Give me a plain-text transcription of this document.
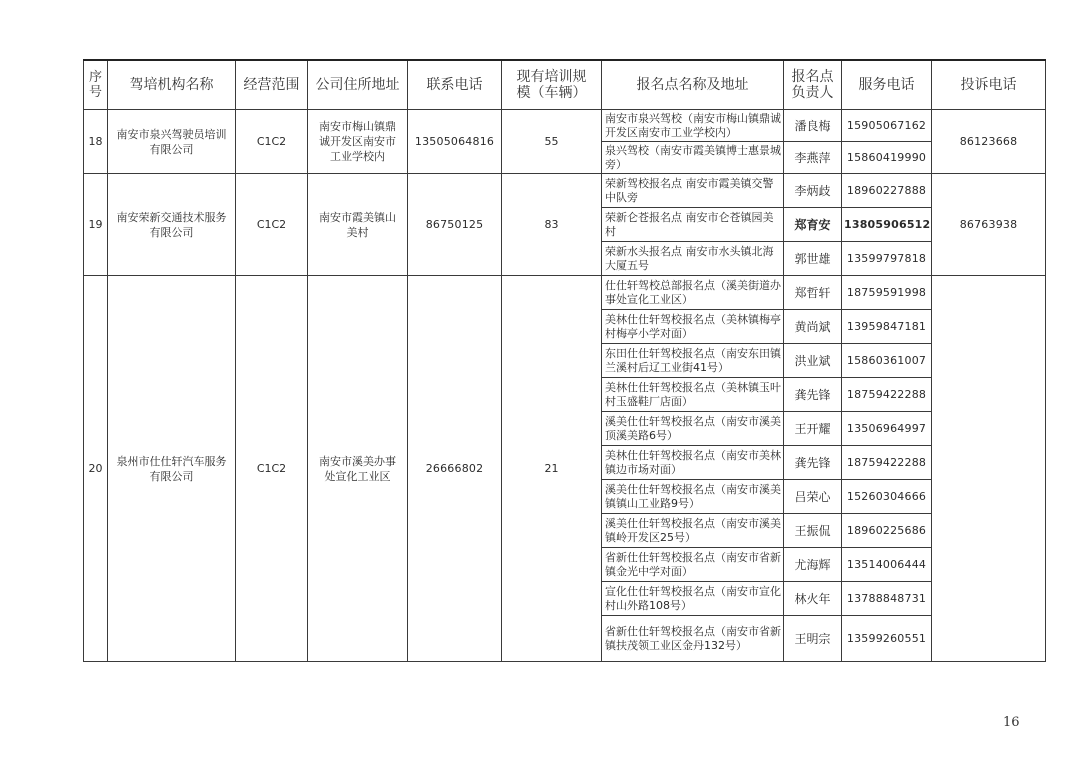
序号	驾培机构名称	经营范围	公司住所地址	联系电话	现有培训规模（车辆）	报名点名称及地址	报名点负责人	服务电话	投诉电话
18	南安市泉兴驾驶员培训有限公司	C1C2	南安市梅山镇鼎诚开发区南安市工业学校内	13505064816	55	南安市泉兴驾校（南安市梅山镇鼎诚开发区南安市工业学校内）	潘良梅	15905067162	86123668
						泉兴驾校（南安市霞美镇博士惠景城旁）	李燕萍	15860419990	
19	南安荣新交通技术服务有限公司	C1C2	南安市霞美镇山美村	86750125	83	荣新驾校报名点 南安市霞美镇交警中队旁	李炳歧	18960227888	86763938
						荣新仑苍报名点 南安市仑苍镇园美村	郑育安	13805906512	
						荣新水头报名点 南安市水头镇北海大厦五号	郭世雄	13599797818	
20	泉州市仕仕轩汽车服务有限公司	C1C2	南安市溪美办事处宣化工业区	26666802	21	仕仕轩驾校总部报名点（溪美街道办事处宣化工业区）	郑哲轩	18759591998	
						美林仕仕轩驾校报名点（美林镇梅亭村梅亭小学对面）	黄尚斌	13959847181	
						东田仕仕轩驾校报名点（南安东田镇兰溪村后辽工业街41号）	洪业斌	15860361007	
						美林仕仕轩驾校报名点（美林镇玉叶村玉盛鞋厂店面）	龚先锋	18759422288	
						溪美仕仕轩驾校报名点（南安市溪美顶溪美路6号）	王开耀	13506964997	
						美林仕仕轩驾校报名点（南安市美林镇边市场对面）	龚先锋	18759422288	
						溪美仕仕轩驾校报名点（南安市溪美镇镇山工业路9号）	吕荣心	15260304666	
						溪美仕仕轩驾校报名点（南安市溪美镇岭开发区25号）	王振侃	18960225686	
						省新仕仕轩驾校报名点（南安市省新镇金光中学对面）	尤海辉	13514006444	
						宣化仕仕轩驾校报名点（南安市宣化村山外路108号）	林火年	13788848731	
						省新仕仕轩驾校报名点（南安市省新镇扶茂领工业区金丹132号）	王明宗	13599260551	
16
